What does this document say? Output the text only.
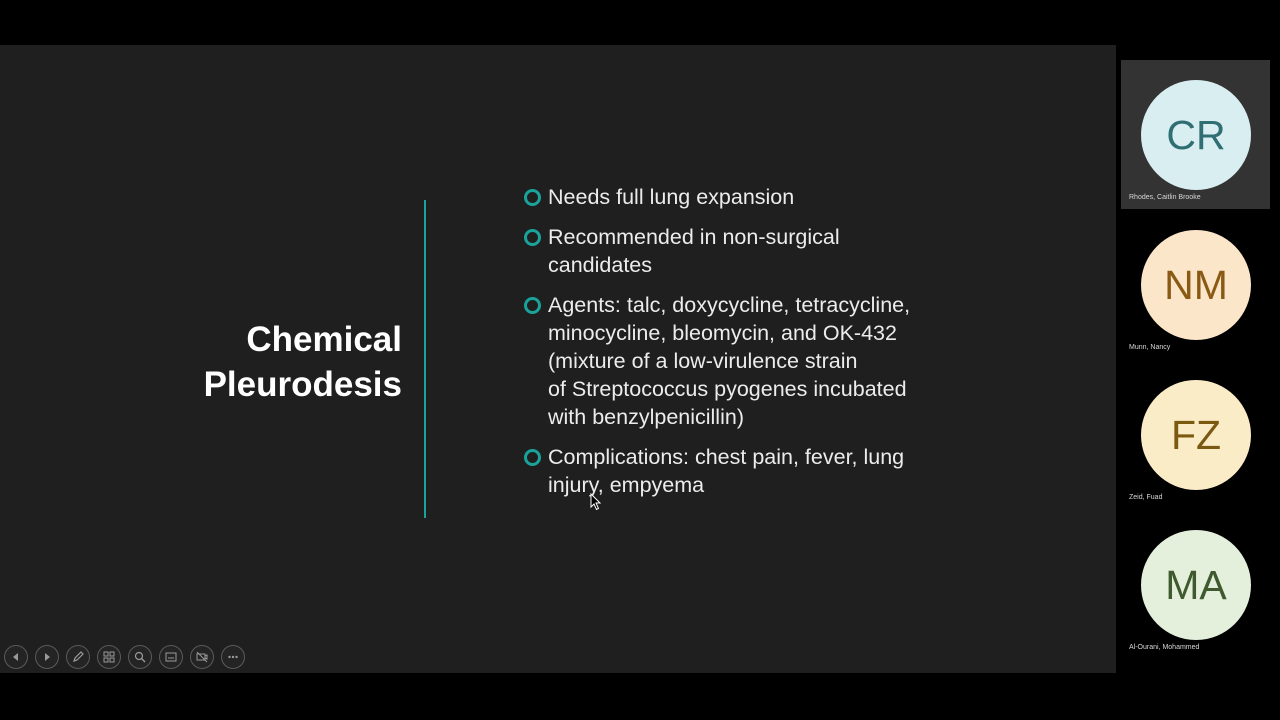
Chemical
Pleurodesis
Needs full lung expansion
Recommended in non-surgical
candidates
Agents: talc, doxycycline, tetracycline,
minocycline, bleomycin, and OK-432
(mixture of a low-virulence strain
of Streptococcus pyogenes incubated
with benzylpenicillin)
Complications: chest pain, fever, lung
injury, empyema
CR
Rhodes, Caitlin Brooke
NM
Munn, Nancy
FZ
Zeid, Fuad
MA
Al-Ourani, Mohammed
